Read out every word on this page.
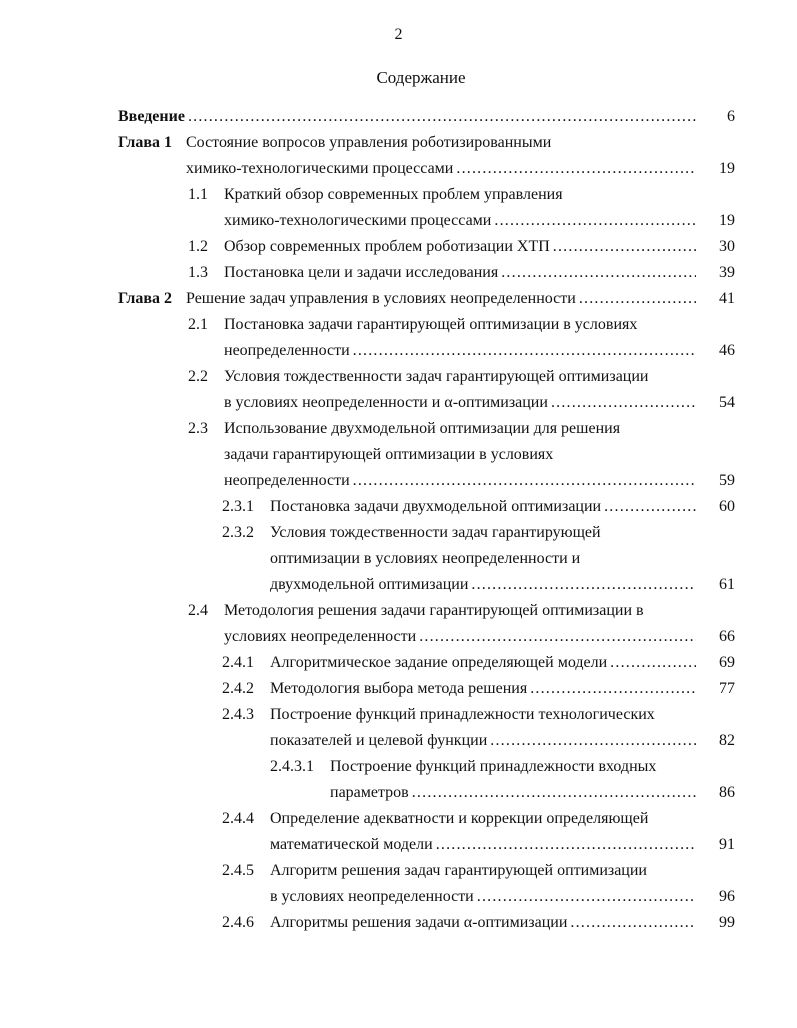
2
Содержание
Введение .....	6
Глава 1 Состояние вопросов управления роботизированными
химико-технологическими процессами .....	19
1.1 Краткий обзор современных проблем управления
химико-технологическими процессами .....	19
1.2 Обзор современных проблем роботизации ХТП .....	30
1.3 Постановка цели и задачи исследования .....	39
Глава 2 Решение задач управления в условиях неопределенности .....	41
2.1 Постановка задачи гарантирующей оптимизации в условиях
неопределенности .....	46
2.2 Условия тождественности задач гарантирующей оптимизации
в условиях неопределенности и α-оптимизации .....	54
2.3 Использование двухмодельной оптимизации для решения
задачи гарантирующей оптимизации в условиях
неопределенности .....	59
2.3.1 Постановка задачи двухмодельной оптимизации .....	60
2.3.2 Условия тождественности задач гарантирующей
оптимизации в условиях неопределенности и
двухмодельной оптимизации .....	61
2.4 Методология решения задачи гарантирующей оптимизации в
условиях неопределенности .....	66
2.4.1 Алгоритмическое задание определяющей модели .....	69
2.4.2 Методология выбора метода решения .....	77
2.4.3 Построение функций принадлежности технологических
показателей и целевой функции .....	82
2.4.3.1 Построение функций принадлежности входных
параметров .....	86
2.4.4 Определение адекватности и коррекции определяющей
математической модели .....	91
2.4.5 Алгоритм решения задач гарантирующей оптимизации
в условиях неопределенности .....	96
2.4.6 Алгоритмы решения задачи α-оптимизации .....	99
